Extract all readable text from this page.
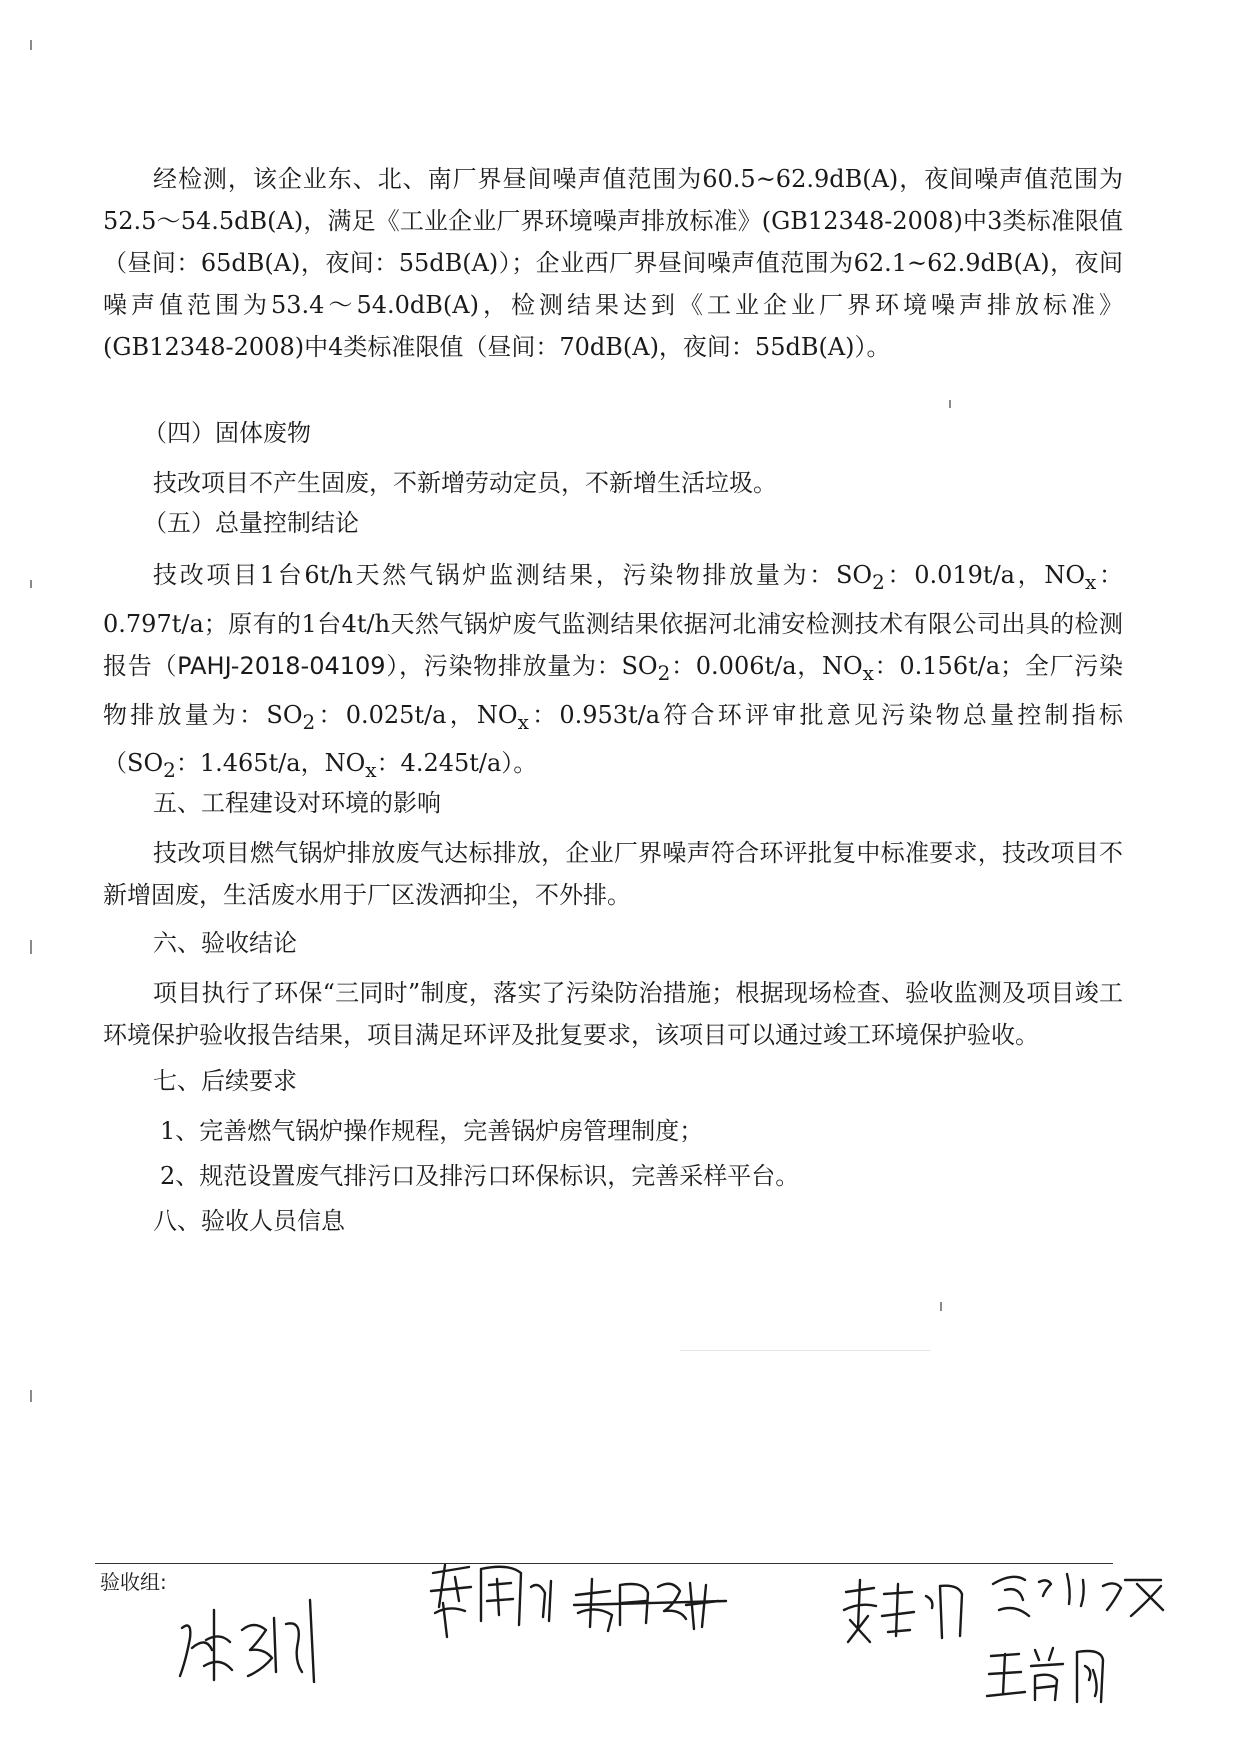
经检测，该企业东、北、南厂界昼间噪声值范围为60.5~62.9dB(A)，夜间噪声值范围为52.5～54.5dB(A)，满足《工业企业厂界环境噪声排放标准》(GB12348-2008)中3类标准限值（昼间：65dB(A)，夜间：55dB(A)）；企业西厂界昼间噪声值范围为62.1~62.9dB(A)，夜间噪声值范围为53.4～54.0dB(A)，检测结果达到《工业企业厂界环境噪声排放标准》(GB12348-2008)中4类标准限值（昼间：70dB(A)，夜间：55dB(A)）。

（四）固体废物

技改项目不产生固废，不新增劳动定员，不新增生活垃圾。

（五）总量控制结论

技改项目1台6t/h天然气锅炉监测结果，污染物排放量为：$SO_2$：0.019t/a，$NO_x$：0.797t/a；原有的1台4t/h天然气锅炉废气监测结果依据河北浦安检测技术有限公司出具的检测报告（PAHJ-2018-04109），污染物排放量为：$SO_2$：0.006t/a，$NO_x$：0.156t/a；全厂污染物排放量为：$SO_2$：0.025t/a，$NO_x$：0.953t/a符合环评审批意见污染物总量控制指标（$SO_2$：1.465t/a，$NO_x$：4.245t/a）。

五、工程建设对环境的影响

技改项目燃气锅炉排放废气达标排放，企业厂界噪声符合环评批复中标准要求，技改项目不新增固废，生活废水用于厂区泼洒抑尘，不外排。

六、验收结论

项目执行了环保“三同时”制度，落实了污染防治措施；根据现场检查、验收监测及项目竣工环境保护验收报告结果，项目满足环评及批复要求，该项目可以通过竣工环境保护验收。

七、后续要求

1、完善燃气锅炉操作规程，完善锅炉房管理制度；

2、规范设置废气排污口及排污口环保标识，完善采样平台。

八、验收人员信息

验收组:
